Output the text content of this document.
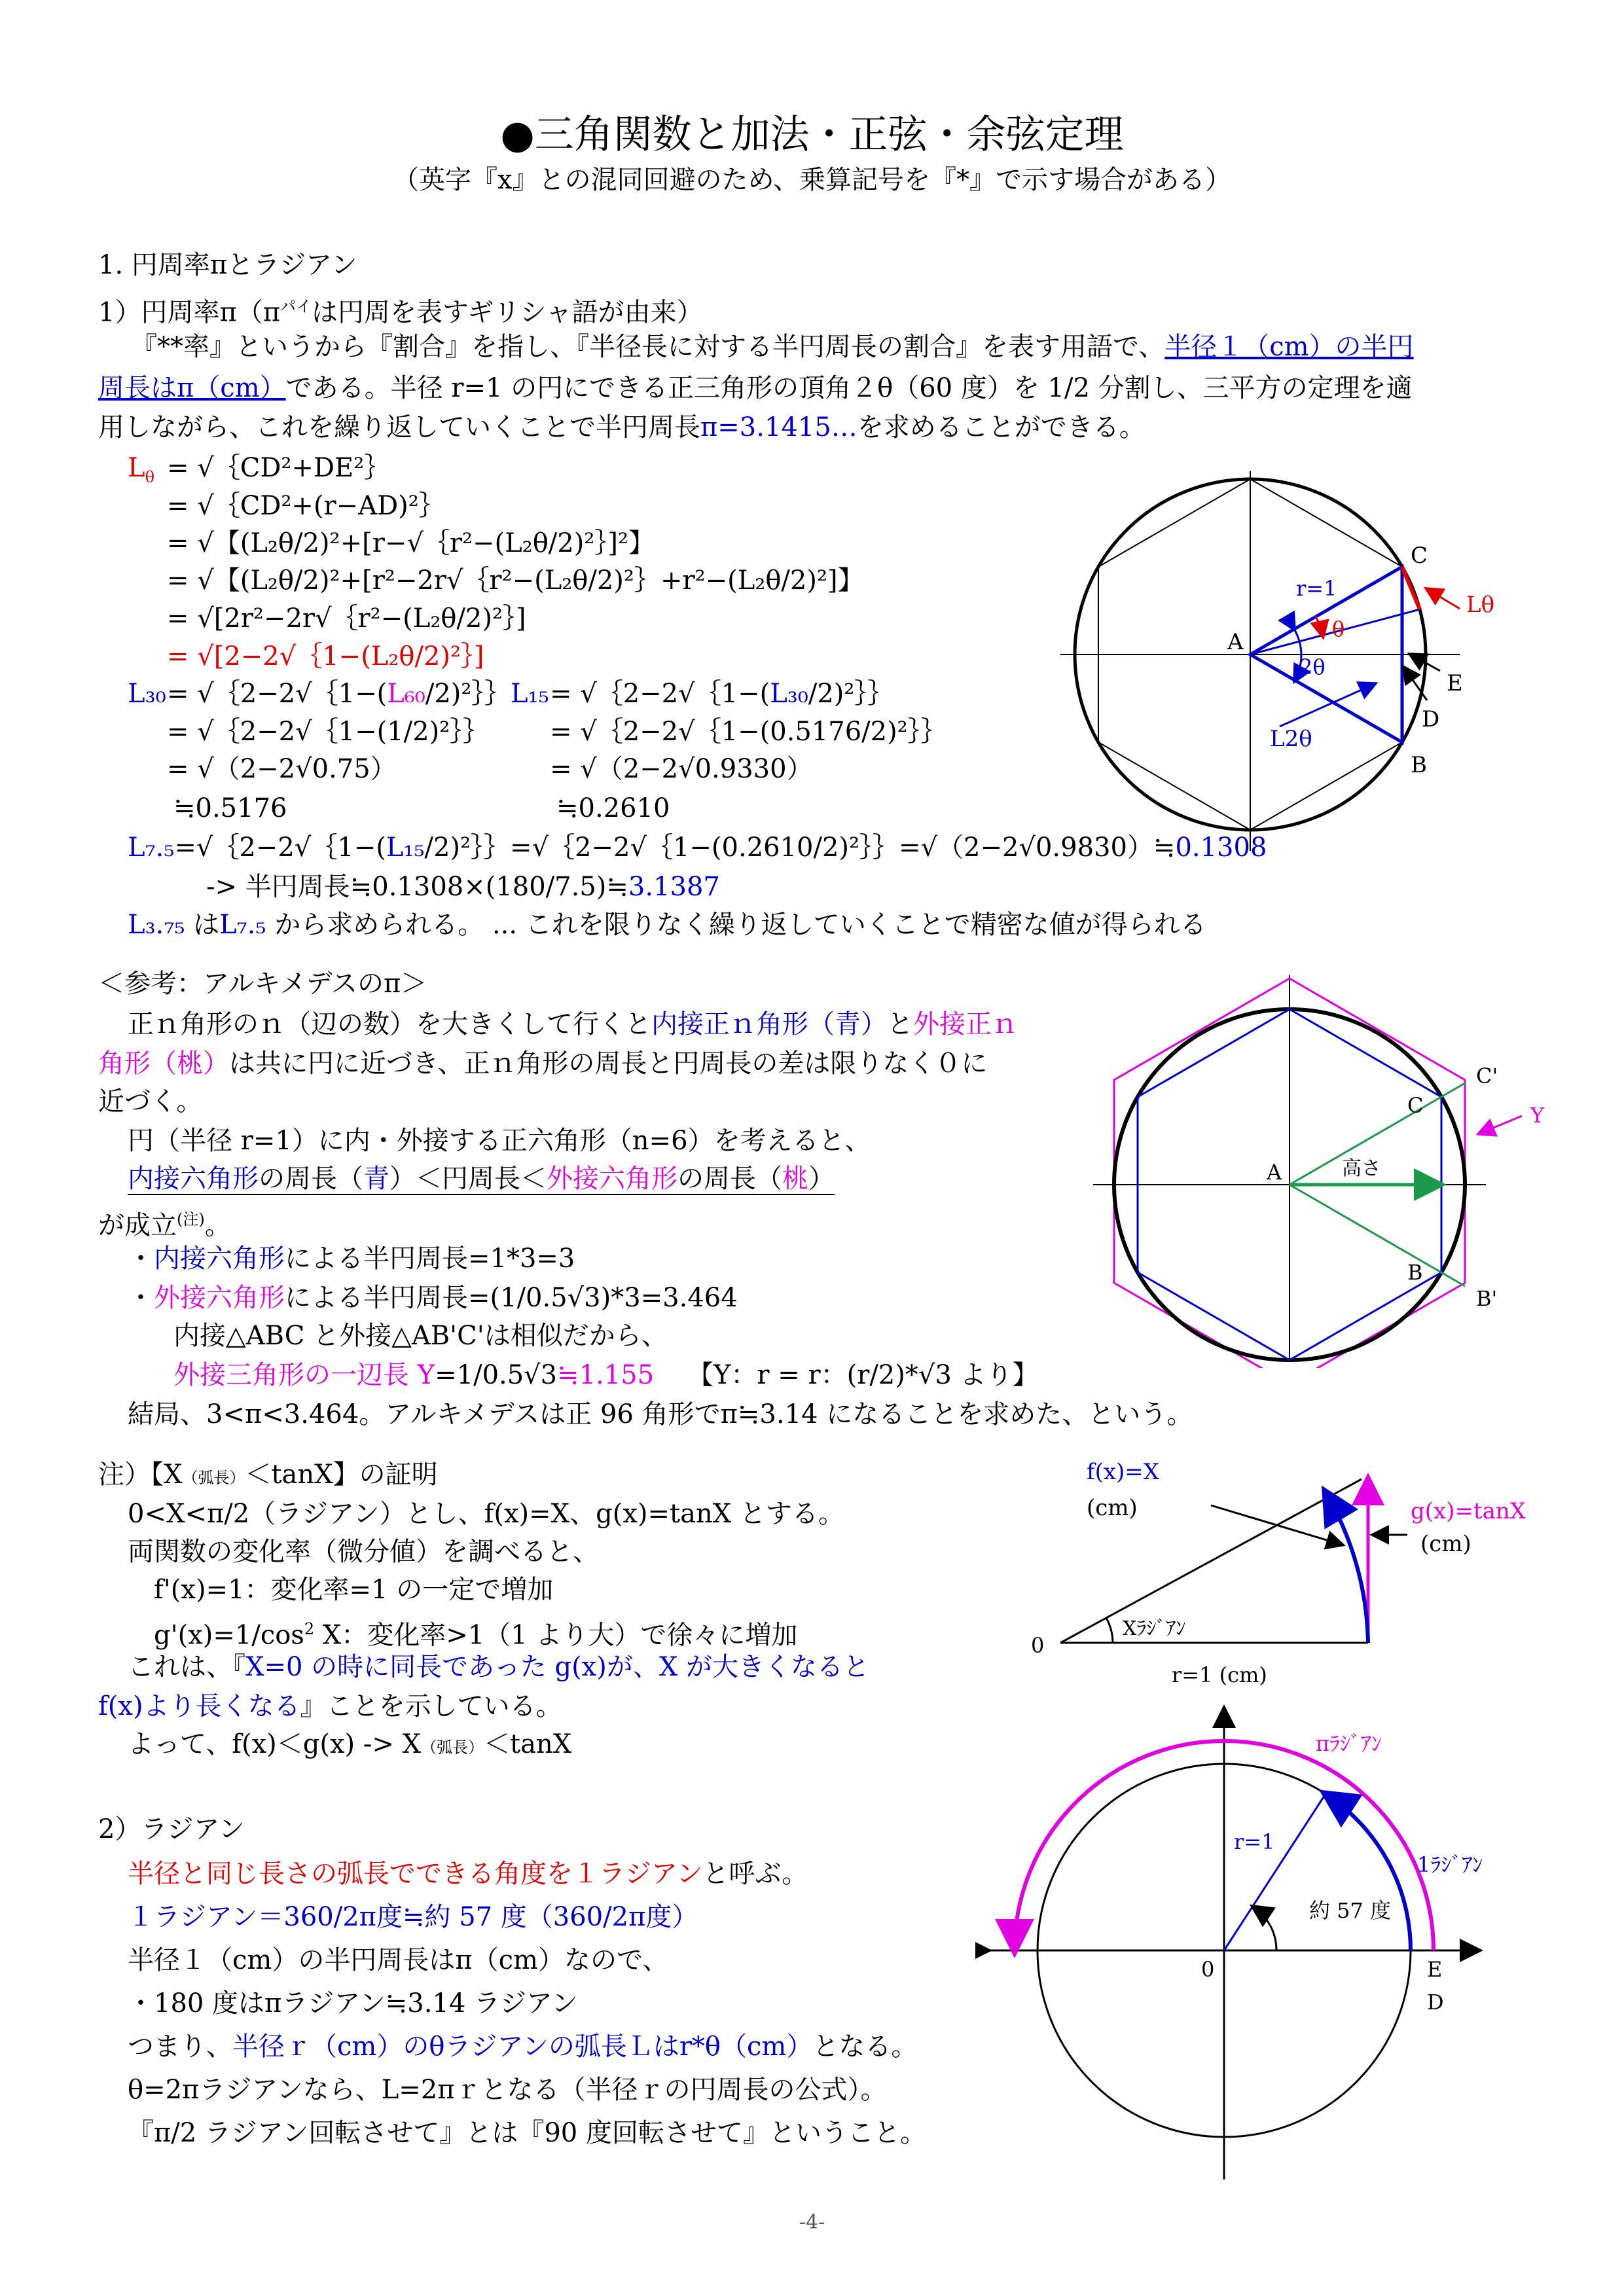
●三角関数と加法・正弦・余弦定理
（英字『x』との混同回避のため、乗算記号を『*』で示す場合がある）
1. 円周率πとラジアン
1）円周率$\pi(\pi^{パイ}$は円周を表すギリシャ語が由来）
『**率』というから『割合』を指し、『半径長に対する半円周長の割合』を表す用語で、半径１（cm）の半円
周長はπ（cm）である。半径 r=1 の円にできる正三角形の頂角２θ（60 度）を 1/2 分割し、三平方の定理を適
用しながら、これを繰り返していくことで半円周長π=3.1415…を求めることができる。
$L_\theta$ = √｛CD²+DE²｝
= √｛CD²+(r−AD)²｝
= √【(L₂θ/2)²+[r−√｛r²−(L₂θ/2)²｝]²】
= √【(L₂θ/2)²+[r²−2r√｛r²−(L₂θ/2)²｝+r²−(L₂θ/2)²]】
= √[2r²−2r√｛r²−(L₂θ/2)²｝]
= √[2−2√｛1−(L₂θ/2)²｝]
L₃₀ = √｛2−2√｛1−(L₆₀/2)²｝｝
= √｛2−2√｛1−(1/2)²｝｝
= √（2−2√0.75）
≒0.5176
L₁₅ = √｛2−2√｛1−(L₃₀/2)²｝｝
= √｛2−2√｛1−(0.5176/2)²｝｝
= √（2−2√0.9330）
≒0.2610
L₇.₅=√｛2−2√｛1−(L₁₅/2)²｝｝=√｛2−2√｛1−(0.2610/2)²｝｝=√（2−2√0.9830）≒0.1308
-> 半円周長≒0.1308×(180/7.5)≒3.1387
L₃.₇₅ はL₇.₅ から求められる。 ... これを限りなく繰り返していくことで精密な値が得られる
＜参考：アルキメデスのπ＞
正ｎ角形のｎ（辺の数）を大きくして行くと内接正ｎ角形（青）と外接正ｎ
角形（桃）は共に円に近づき、正ｎ角形の周長と円周長の差は限りなく０に
近づく。
円（半径 r=1）に内・外接する正六角形（n=6）を考えると、
内接六角形の周長（青）＜円周長＜外接六角形の周長（桃）
が成立$^{(注)}$。
・内接六角形による半円周長=1*3=3
・外接六角形による半円周長=(1/0.5√3)*3=3.464
内接△ABC と外接△AB'C'は相似だから、
外接三角形の一辺長 Y=1/0.5√3≒1.155 【Y：r = r：(r/2)*√3 より】
結局、3<π<3.464。アルキメデスは正 96 角形でπ≒3.14 になることを求めた、という。
注）【X（弧長）＜tanX】の証明
0<X<π/2（ラジアン）とし、f(x)=X、g(x)=tanX とする。
両関数の変化率（微分値）を調べると、
f'(x)=1：変化率=1 の一定で増加
$g'(x)=1/\cos^2$ X：変化率>1（1 より大）で徐々に増加
これは、『X=0 の時に同長であった g(x)が、X が大きくなると
f(x)より長くなる』ことを示している。
よって、f(x)＜g(x) -> X（弧長）＜tanX
2）ラジアン
半径と同じ長さの弧長でできる角度を１ラジアンと呼ぶ。
１ラジアン＝360/2π度≒約 57 度（360/2π度）
半径１（cm）の半円周長はπ（cm）なので、
・180 度はπラジアン≒3.14 ラジアン
つまり、半径ｒ（cm）のθラジアンの弧長Ｌはr*θ（cm）となる。
θ=2πラジアンなら、L=2πｒとなる（半径ｒの円周長の公式）。
『π/2 ラジアン回転させて』とは『90 度回転させて』ということ。
-4-
C
A
B
E
D
r=1
θ
2θ
Lθ
L2θ
A
C
B
C'
B'
Y
高さ
f(x)=X
(cm)	g(x)=tanX
(cm)
0
Xﾗｼﾞｱﾝ
r=1 (cm)
πﾗｼﾞｱﾝ
1ﾗｼﾞｱﾝ
r=1
約 57 度
0	E
D
